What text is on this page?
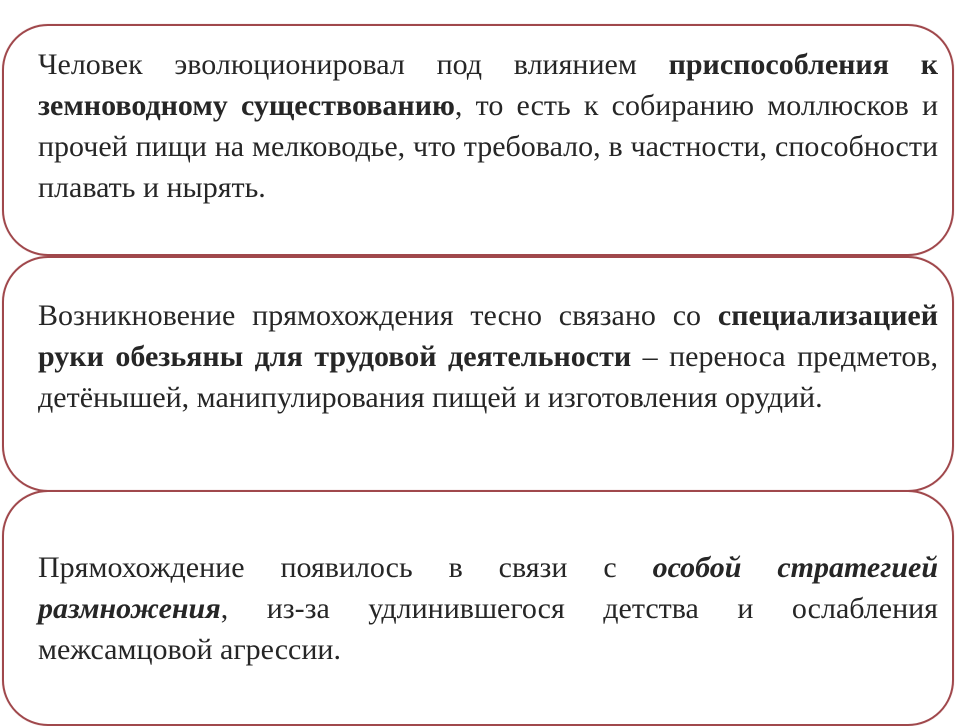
Человек эволюционировал под влиянием приспособления к земноводному существованию, то есть к собиранию моллюсков и прочей пищи на мелководье, что требовало, в частности, способности плавать и нырять.
Возникновение прямохождения тесно связано со специализацией руки обезьяны для трудовой деятельности – переноса предметов, детёнышей, манипулирования пищей и изготовления орудий.
Прямохождение появилось в связи с особой стратегией размножения, из-за удлинившегося детства и ослабления межсамцовой агрессии.
